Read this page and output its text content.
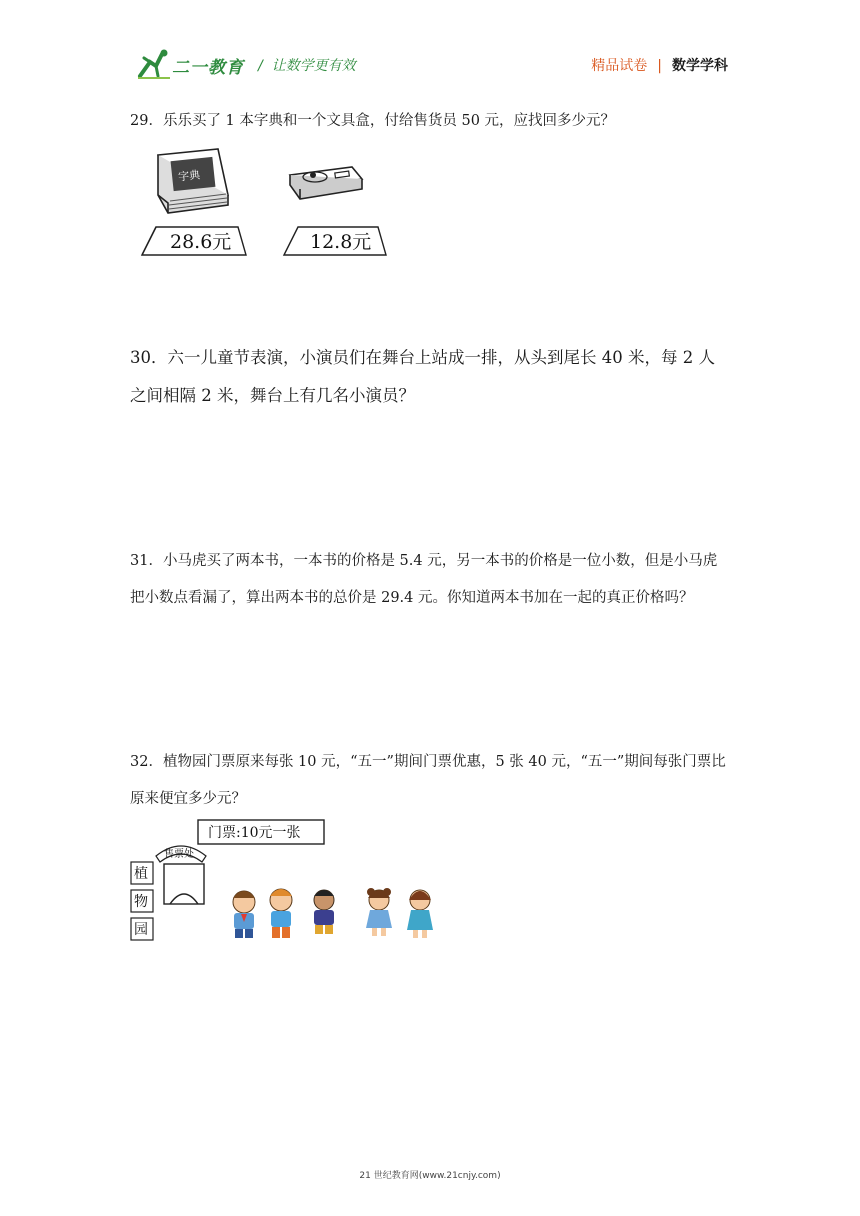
二一教育 /  让数学更有效	精品试卷 | 数学学科
29．乐乐买了 1 本字典和一个文具盒，付给售货员 50 元，应找回多少元？
字典
28.6元	12.8元
30．六一儿童节表演，小演员们在舞台上站成一排，从头到尾长 40 米，每 2 人之间相隔 2 米，舞台上有几名小演员？
31．小马虎买了两本书，一本书的价格是 5.4 元，另一本书的价格是一位小数，但是小马虎把小数点看漏了，算出两本书的总价是 29.4 元。你知道两本书加在一起的真正价格吗？
32．植物园门票原来每张 10 元，“五一”期间门票优惠，5 张 40 元，“五一”期间每张门票比原来便宜多少元？
门票:10元一张
售票处
植
物
园
21 世纪教育网(www.21cnjy.com)
